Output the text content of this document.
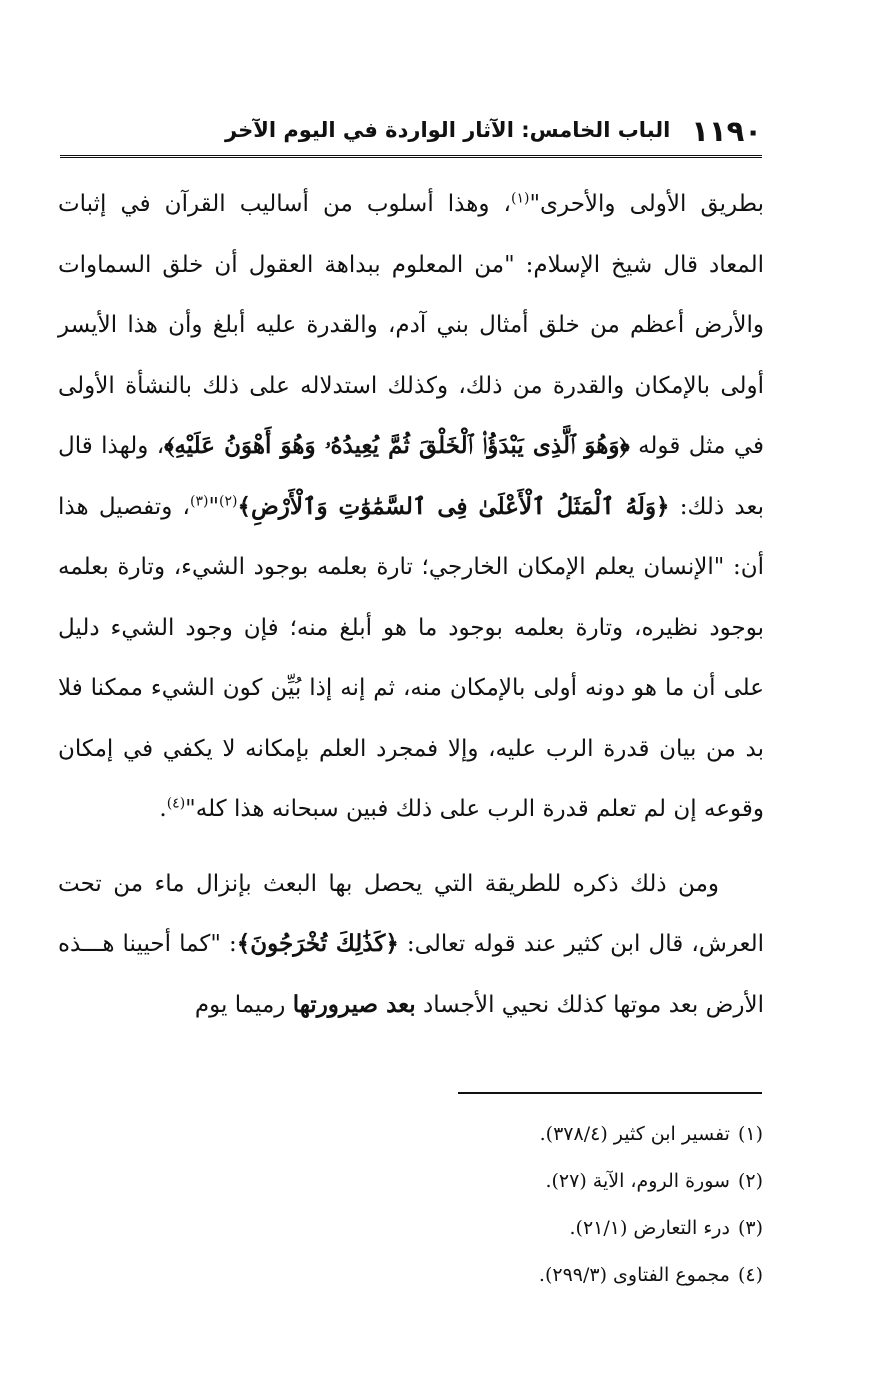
١١٩٠
الباب الخامس: الآثار الواردة في اليوم الآخر

بطريق الأولى والأحرى"$^{(١)}$، وهذا أسلوب من أساليب القرآن في إثبات المعاد قال شيخ الإسلام: "من المعلوم ببداهة العقول أن خلق السماوات والأرض أعظم من خلق أمثال بني آدم، والقدرة عليه أبلغ وأن هذا الأيسر أولى بالإمكان والقدرة من ذلك، وكذلك استدلاله على ذلك بالنشأة الأولى في مثل قوله ﴿وَهُوَ ٱلَّذِى يَبْدَؤُا۟ ٱلْخَلْقَ ثُمَّ يُعِيدُهُۥ وَهُوَ أَهْوَنُ عَلَيْهِ﴾، ولهذا قال بعد ذلك: ﴿وَلَهُ ٱلْمَثَلُ ٱلْأَعْلَىٰ فِى ٱلسَّمَٰوَٰتِ وَٱلْأَرْضِ﴾$^{(٢)}$"$^{(٣)}$، وتفصيل هذا أن: "الإنسان يعلم الإمكان الخارجي؛ تارة بعلمه بوجود الشيء، وتارة بعلمه بوجود نظيره، وتارة بعلمه بوجود ما هو أبلغ منه؛ فإن وجود الشيء دليل على أن ما هو دونه أولى بالإمكان منه، ثم إنه إذا بُيِّن كون الشيء ممكنا فلا بد من بيان قدرة الرب عليه، وإلا فمجرد العلم بإمكانه لا يكفي في إمكان وقوعه إن لم تعلم قدرة الرب على ذلك فبين سبحانه هذا كله"$^{(٤)}$.

ومن ذلك ذكره للطريقة التي يحصل بها البعث بإنزال ماء من تحت العرش، قال ابن كثير عند قوله تعالى: ﴿كَذَٰلِكَ تُخْرَجُونَ﴾: "كما أحيينا هـــذه الأرض بعد موتها كذلك نحيي الأجساد بعد صيرورتها رميما يوم

(١)تفسير ابن كثير (٣٧٨/٤).
(٢)سورة الروم، الآية (٢٧).
(٣)درء التعارض (٢١/١).
(٤)مجموع الفتاوى (٢٩٩/٣).
